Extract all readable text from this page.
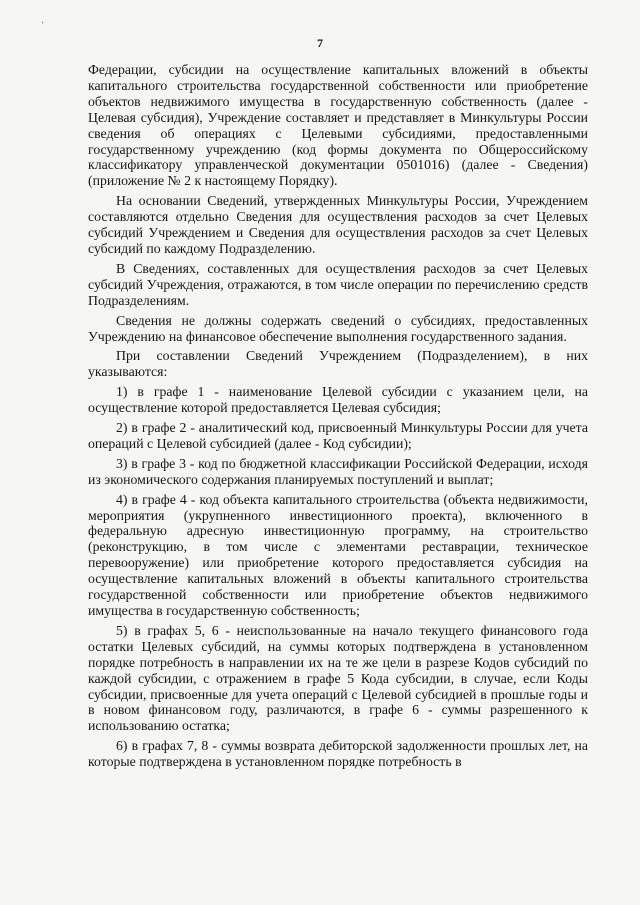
'
7

Федерации, субсидии на осуществление капитальных вложений в объекты капитального строительства государственной собственности или приобретение объектов недвижимого имущества в государственную собственность (далее - Целевая субсидия), Учреждение составляет и представляет в Минкультуры России сведения об операциях с Целевыми субсидиями, предоставленными государственному учреждению (код формы документа по Общероссийскому классификатору управленческой документации 0501016) (далее - Сведения) (приложение № 2 к настоящему Порядку).

На основании Сведений, утвержденных Минкультуры России, Учреждением составляются отдельно Сведения для осуществления расходов за счет Целевых субсидий Учреждением и Сведения для осуществления расходов за счет Целевых субсидий по каждому Подразделению.

В Сведениях, составленных для осуществления расходов за счет Целевых субсидий Учреждения, отражаются, в том числе операции по перечислению средств Подразделениям.

Сведения не должны содержать сведений о субсидиях, предоставленных Учреждению на финансовое обеспечение выполнения государственного задания.

При составлении Сведений Учреждением (Подразделением), в них указываются:

1) в графе 1 - наименование Целевой субсидии с указанием цели, на осуществление которой предоставляется Целевая субсидия;

2) в графе 2 - аналитический код, присвоенный Минкультуры России для учета операций с Целевой субсидией (далее - Код субсидии);

3) в графе 3 - код по бюджетной классификации Российской Федерации, исходя из экономического содержания планируемых поступлений и выплат;

4) в графе 4 - код объекта капитального строительства (объекта недвижимости, мероприятия (укрупненного инвестиционного проекта), включенного в федеральную адресную инвестиционную программу, на строительство (реконструкцию, в том числе с элементами реставрации, техническое перевооружение) или приобретение которого предоставляется субсидия на осуществление капитальных вложений в объекты капитального строительства государственной собственности или приобретение объектов недвижимого имущества в государственную собственность;

5) в графах 5, 6 - неиспользованные на начало текущего финансового года остатки Целевых субсидий, на суммы которых подтверждена в установленном порядке потребность в направлении их на те же цели в разрезе Кодов субсидий по каждой субсидии, с отражением в графе 5 Кода субсидии, в случае, если Коды субсидии, присвоенные для учета операций с Целевой субсидией в прошлые годы и в новом финансовом году, различаются, в графе 6 - суммы разрешенного к использованию остатка;

6) в графах 7, 8 - суммы возврата дебиторской задолженности прошлых лет, на которые подтверждена в установленном порядке потребность в
